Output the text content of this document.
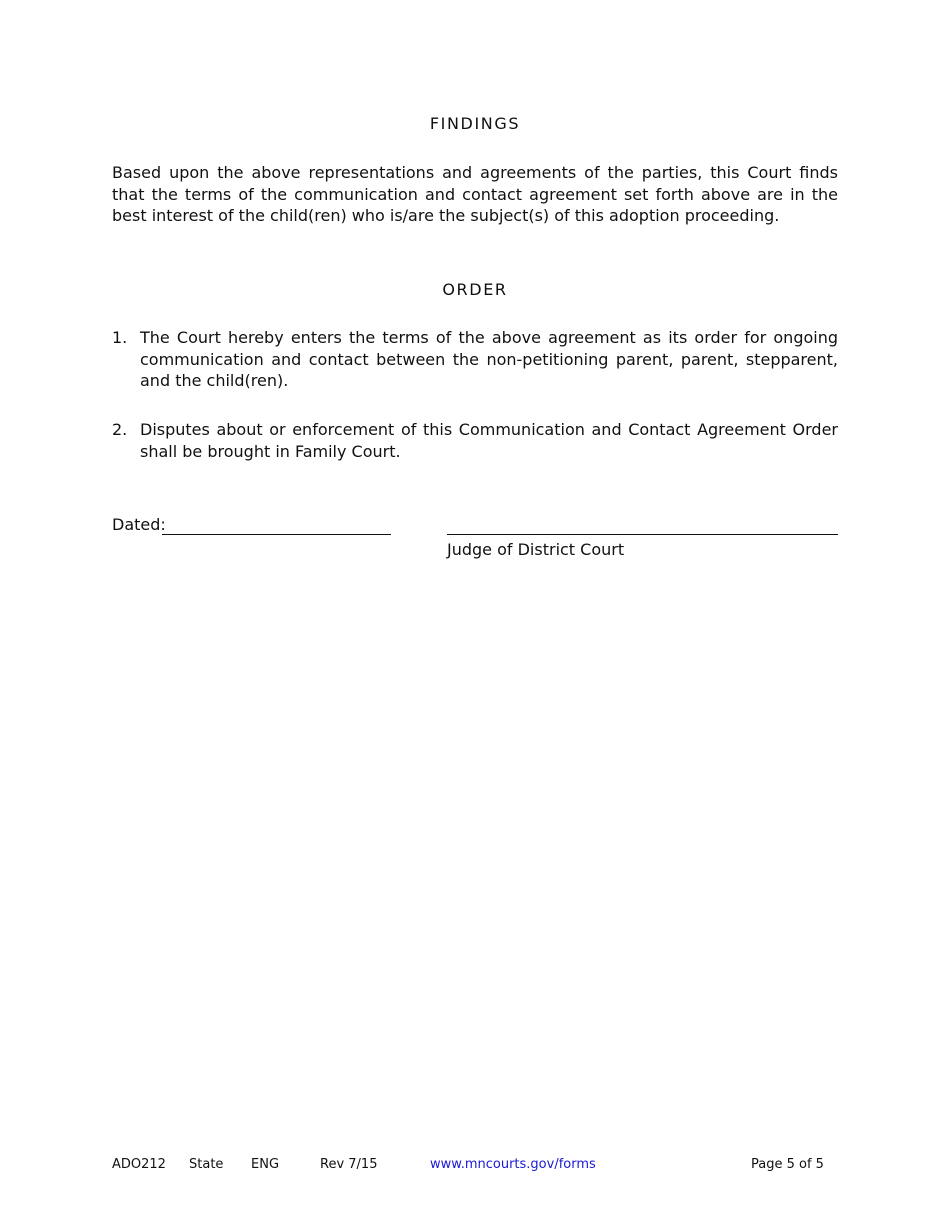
FINDINGS
Based upon the above representations and agreements of the parties, this Court finds that the terms of the communication and contact agreement set forth above are in the best interest of the child(ren) who is/are the subject(s) of this adoption proceeding.
ORDER
1. The Court hereby enters the terms of the above agreement as its order for ongoing communication and contact between the non-petitioning parent, parent, stepparent, and the child(ren).
2. Disputes about or enforcement of this Communication and Contact Agreement Order shall be brought in Family Court.
Dated:
Judge of District Court
ADO212 State ENG	Rev 7/15	www.mncourts.gov/forms	Page 5 of 5
